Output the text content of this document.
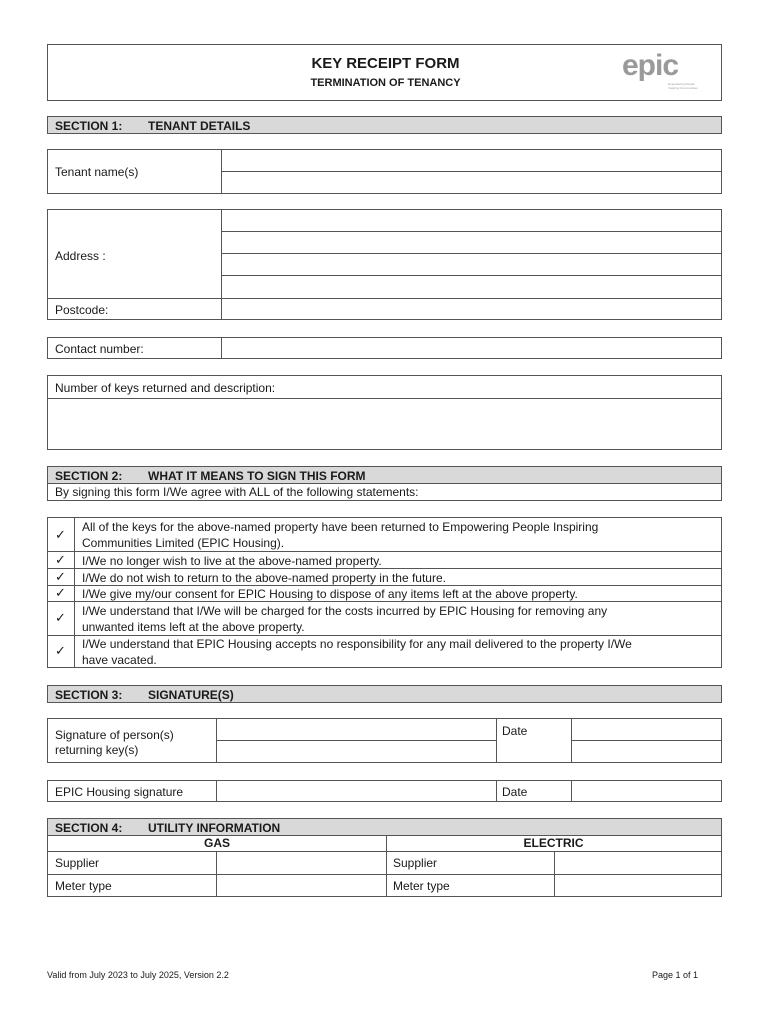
KEY RECEIPT FORM
TERMINATION OF TENANCY
epic
Empowering People Inspiring Communities
SECTION 1: TENANT DETAILS
Tenant name(s)
Address :
Postcode:
Contact number:
Number of keys returned and description:
SECTION 2: WHAT IT MEANS TO SIGN THIS FORM
By signing this form I/We agree with ALL of the following statements:
✓ All of the keys for the above-named property have been returned to Empowering People Inspiring
Communities Limited (EPIC Housing).
✓ I/We no longer wish to live at the above-named property.
✓ I/We do not wish to return to the above-named property in the future.
✓ I/We give my/our consent for EPIC Housing to dispose of any items left at the above property.
✓ I/We understand that I/We will be charged for the costs incurred by EPIC Housing for removing any
unwanted items left at the above property.
✓ I/We understand that EPIC Housing accepts no responsibility for any mail delivered to the property I/We
have vacated.
SECTION 3: SIGNATURE(S)
Signature of person(s)
returning key(s)
Date
EPIC Housing signature	Date
SECTION 4: UTILITY INFORMATION
GAS	ELECTRIC
Supplier	Supplier
Meter type	Meter type
Valid from July 2023 to July 2025, Version 2.2	Page 1 of 1
